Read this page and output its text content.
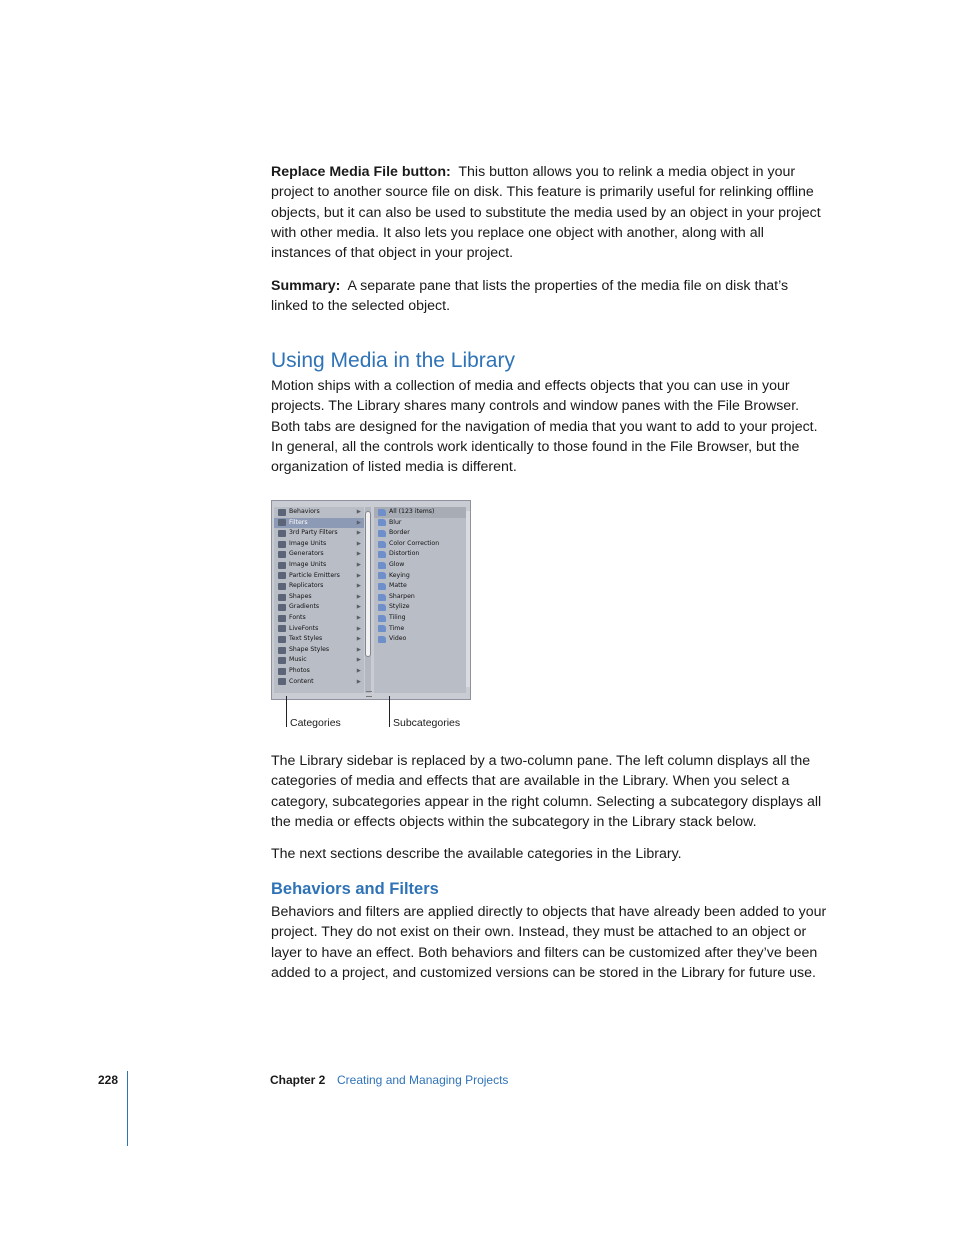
Replace Media File button: This button allows you to relink a media object in your project to another source file on disk. This feature is primarily useful for relinking offline objects, but it can also be used to substitute the media used by an object in your project with other media. It also lets you replace one object with another, along with all instances of that object in your project.

Summary: A separate pane that lists the properties of the media file on disk that’s linked to the selected object.

Using Media in the Library

Motion ships with a collection of media and effects objects that you can use in your projects. The Library shares many controls and window panes with the File Browser. Both tabs are designed for the navigation of media that you want to add to your project. In general, all the controls work identically to those found in the File Browser, but the organization of listed media is different.

Behaviors	▶
Filters	▶
3rd Party Filters	▶
Image Units	▶
Generators	▶
Image Units	▶
Particle Emitters	▶
Replicators	▶
Shapes	▶
Gradients	▶
Fonts	▶
LiveFonts	▶
Text Styles	▶
Shape Styles	▶
Music	▶
Photos	▶
Content	▶
All (123 items)
Blur
Border
Color Correction
Distortion
Glow
Keying
Matte
Sharpen
Stylize
Tiling
Time
Video
Categories	Subcategories

The Library sidebar is replaced by a two-column pane. The left column displays all the categories of media and effects that are available in the Library. When you select a category, subcategories appear in the right column. Selecting a subcategory displays all the media or effects objects within the subcategory in the Library stack below.

The next sections describe the available categories in the Library.

Behaviors and Filters

Behaviors and filters are applied directly to objects that have already been added to your project. They do not exist on their own. Instead, they must be attached to an object or layer to have an effect. Both behaviors and filters can be customized after they’ve been added to a project, and customized versions can be stored in the Library for future use.

228	Chapter 2 Creating and Managing Projects
